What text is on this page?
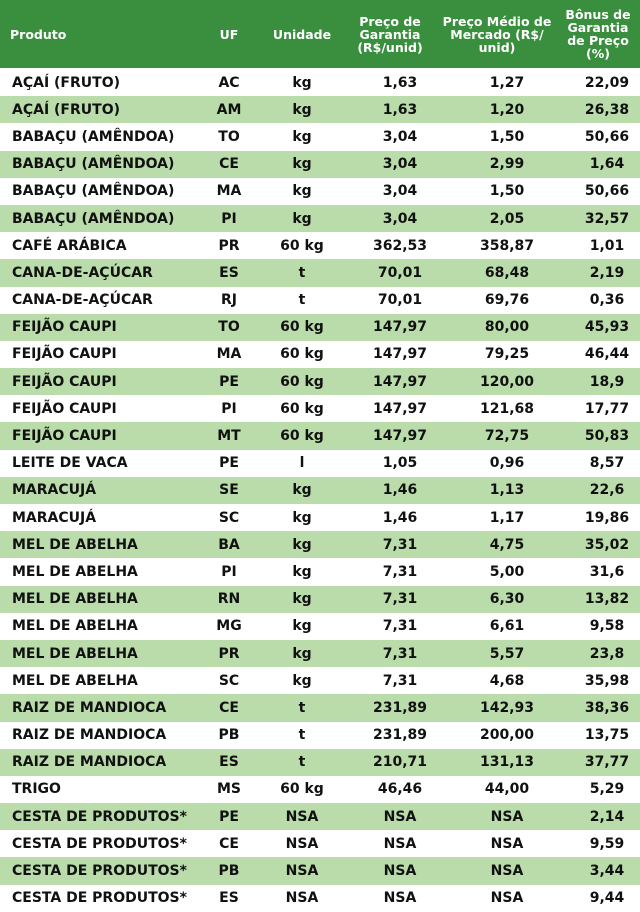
Produto	UF	Unidade	Preço de Garantia (R$/unid)	Preço Médio de Mercado (R$/ unid)	Bônus de Garantia de Preço (%)
AÇAÍ (FRUTO)	AC	kg	1,63	1,27	22,09
AÇAÍ (FRUTO)	AM	kg	1,63	1,20	26,38
BABAÇU (AMÊNDOA)	TO	kg	3,04	1,50	50,66
BABAÇU (AMÊNDOA)	CE	kg	3,04	2,99	1,64
BABAÇU (AMÊNDOA)	MA	kg	3,04	1,50	50,66
BABAÇU (AMÊNDOA)	PI	kg	3,04	2,05	32,57
CAFÉ ARÁBICA	PR	60 kg	362,53	358,87	1,01
CANA-DE-AÇÚCAR	ES	t	70,01	68,48	2,19
CANA-DE-AÇÚCAR	RJ	t	70,01	69,76	0,36
FEIJÃO CAUPI	TO	60 kg	147,97	80,00	45,93
FEIJÃO CAUPI	MA	60 kg	147,97	79,25	46,44
FEIJÃO CAUPI	PE	60 kg	147,97	120,00	18,9
FEIJÃO CAUPI	PI	60 kg	147,97	121,68	17,77
FEIJÃO CAUPI	MT	60 kg	147,97	72,75	50,83
LEITE DE VACA	PE	l	1,05	0,96	8,57
MARACUJÁ	SE	kg	1,46	1,13	22,6
MARACUJÁ	SC	kg	1,46	1,17	19,86
MEL DE ABELHA	BA	kg	7,31	4,75	35,02
MEL DE ABELHA	PI	kg	7,31	5,00	31,6
MEL DE ABELHA	RN	kg	7,31	6,30	13,82
MEL DE ABELHA	MG	kg	7,31	6,61	9,58
MEL DE ABELHA	PR	kg	7,31	5,57	23,8
MEL DE ABELHA	SC	kg	7,31	4,68	35,98
RAIZ DE MANDIOCA	CE	t	231,89	142,93	38,36
RAIZ DE MANDIOCA	PB	t	231,89	200,00	13,75
RAIZ DE MANDIOCA	ES	t	210,71	131,13	37,77
TRIGO	MS	60 kg	46,46	44,00	5,29
CESTA DE PRODUTOS*	PE	NSA	NSA	NSA	2,14
CESTA DE PRODUTOS*	CE	NSA	NSA	NSA	9,59
CESTA DE PRODUTOS*	PB	NSA	NSA	NSA	3,44
CESTA DE PRODUTOS*	ES	NSA	NSA	NSA	9,44
